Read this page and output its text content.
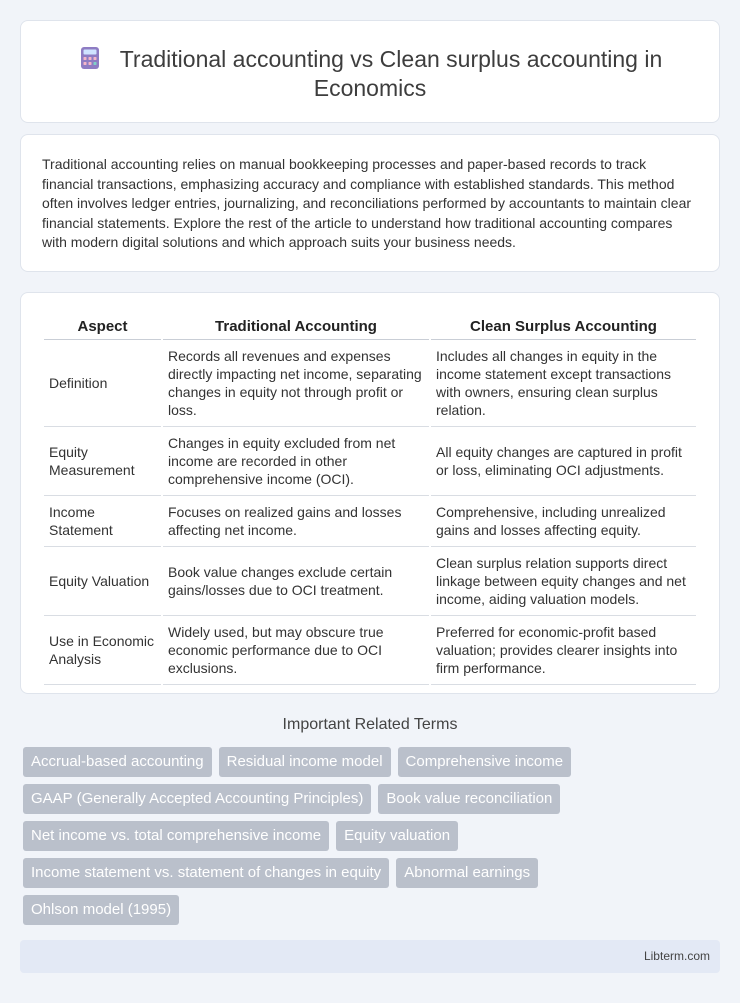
Traditional accounting vs Clean surplus accounting in Economics

Traditional accounting relies on manual bookkeeping processes and paper-based records to track financial transactions, emphasizing accuracy and compliance with established standards. This method often involves ledger entries, journalizing, and reconciliations performed by accountants to maintain clear financial statements. Explore the rest of the article to understand how traditional accounting compares with modern digital solutions and which approach suits your business needs.

Aspect	Traditional Accounting	Clean Surplus Accounting
Definition	Records all revenues and expenses directly impacting net income, separating changes in equity not through profit or loss.	Includes all changes in equity in the income statement except transactions with owners, ensuring clean surplus relation.
Equity Measurement	Changes in equity excluded from net income are recorded in other comprehensive income (OCI).	All equity changes are captured in profit or loss, eliminating OCI adjustments.
Income Statement	Focuses on realized gains and losses affecting net income.	Comprehensive, including unrealized gains and losses affecting equity.
Equity Valuation	Book value changes exclude certain gains/losses due to OCI treatment.	Clean surplus relation supports direct linkage between equity changes and net income, aiding valuation models.
Use in Economic Analysis	Widely used, but may obscure true economic performance due to OCI exclusions.	Preferred for economic-profit based valuation; provides clearer insights into firm performance.
Important Related Terms
Accrual-based accounting	Residual income model	Comprehensive income
GAAP (Generally Accepted Accounting Principles)	Book value reconciliation
Net income vs. total comprehensive income	Equity valuation
Income statement vs. statement of changes in equity	Abnormal earnings
Ohlson model (1995)
Libterm.com
